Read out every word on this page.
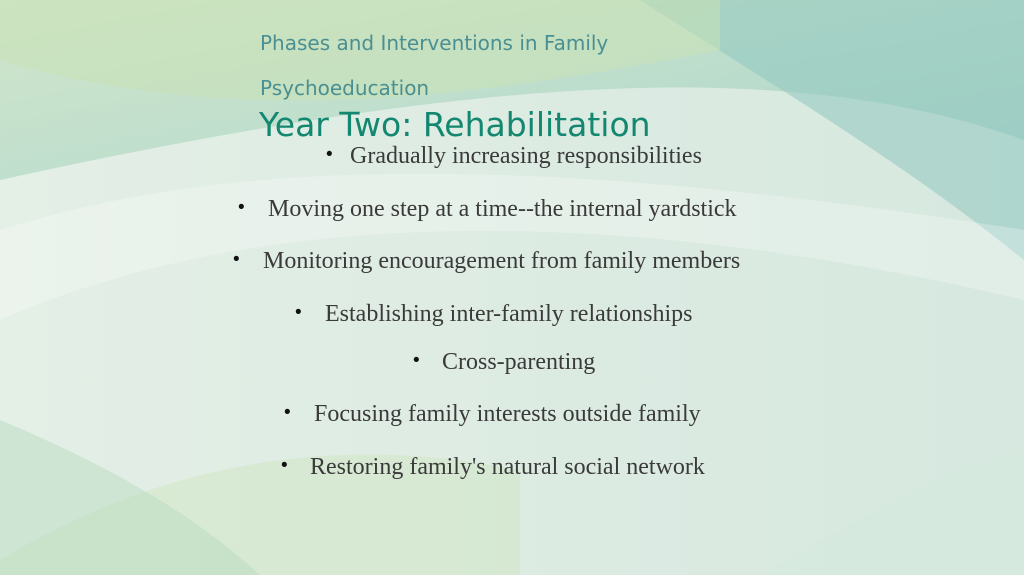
Phases and Interventions in Family
Psychoeducation
Year Two: Rehabilitation
• Gradually increasing responsibilities
• Moving one step at a time--the internal yardstick
• Monitoring encouragement from family members
• Establishing inter-family relationships
• Cross-parenting
• Focusing family interests outside family
• Restoring family's natural social network
